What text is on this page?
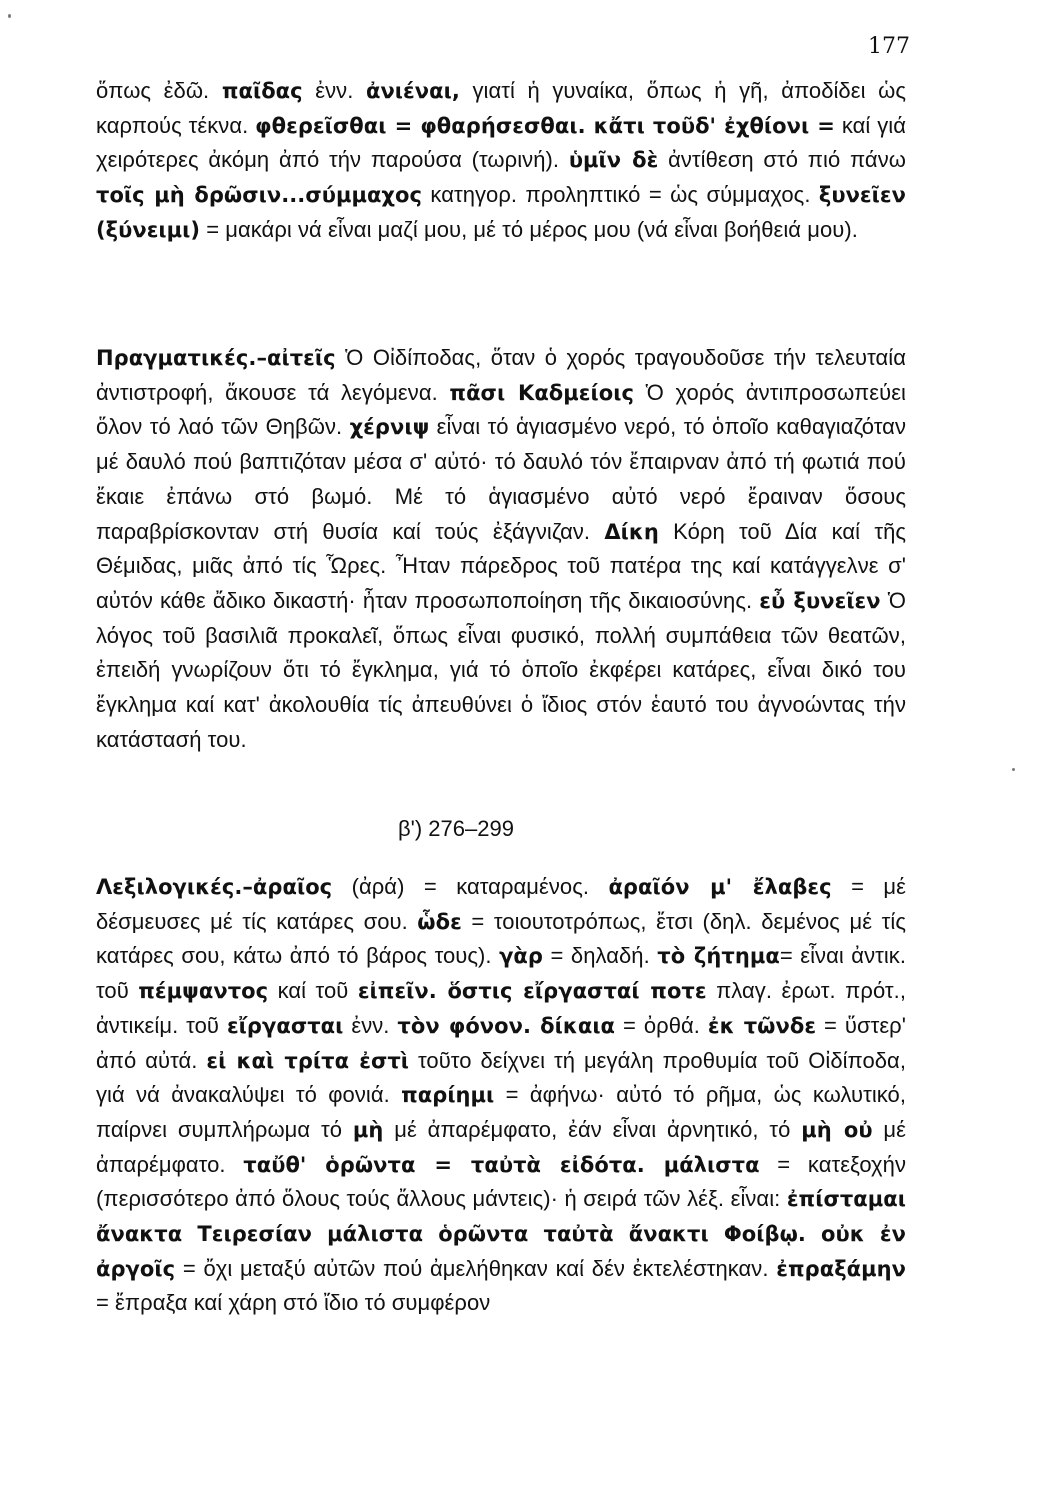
177

ὅπως ἐδῶ. παῖδας ἐνν. ἀνιέναι, γιατί ἡ γυναίκα, ὅπως ἡ γῆ, ἀποδίδει ὡς καρπούς τέκνα. φθερεῖσθαι = φθαρήσεσθαι. κἄτι τοῦδ' ἐχθίονι = καί γιά χειρότερες ἀκόμη ἀπό τήν παρούσα (τωρινή). ὑμῖν δὲ ἀντίθεση στό πιό πάνω τοῖς μὴ δρῶσιν...σύμμαχος κατηγορ. προληπτικό = ὡς σύμμαχος. ξυνεῖεν (ξύνειμι) = μακάρι νά εἶναι μαζί μου, μέ τό μέρος μου (νά εἶναι βοήθειά μου).

Πραγματικές.–αἰτεῖς Ὁ Οἰδίποδας, ὅταν ὁ χορός τραγουδοῦσε τήν τελευταία ἀντιστροφή, ἄκουσε τά λεγόμενα. πᾶσι Καδμείοις Ὁ χορός ἀντιπροσωπεύει ὅλον τό λαό τῶν Θηβῶν. χέρνιψ εἶναι τό ἁγιασμένο νερό, τό ὁποῖο καθαγιαζόταν μέ δαυλό πού βαπτιζόταν μέσα σ' αὐτό· τό δαυλό τόν ἔπαιρναν ἀπό τή φωτιά πού ἔκαιε ἐπάνω στό βωμό. Μέ τό ἁγιασμένο αὐτό νερό ἔραιναν ὅσους παραβρίσκονταν στή θυσία καί τούς ἐξάγνιζαν. Δίκη Κόρη τοῦ Δία καί τῆς Θέμιδας, μιᾶς ἀπό τίς Ὧρες. Ἦταν πάρεδρος τοῦ πατέρα της καί κατάγγελνε σ' αὐτόν κάθε ἄδικο δικαστή· ἦταν προσωποποίηση τῆς δικαιοσύνης. εὖ ξυνεῖεν Ὁ λόγος τοῦ βασιλιᾶ προκαλεῖ, ὅπως εἶναι φυσικό, πολλή συμπάθεια τῶν θεατῶν, ἐπειδή γνωρίζουν ὅτι τό ἔγκλημα, γιά τό ὁποῖο ἐκφέρει κατάρες, εἶναι δικό του ἔγκλημα καί κατ' ἀκολουθία τίς ἀπευθύνει ὁ ἴδιος στόν ἑαυτό του ἀγνοώντας τήν κατάστασή του.

β') 276–299

Λεξιλογικές.–ἀραῖος (ἀρά) = καταραμένος. ἀραῖόν μ' ἔλαβες = μέ δέσμευσες μέ τίς κατάρες σου. ὧδε = τοιουτοτρόπως, ἔτσι (δηλ. δεμένος μέ τίς κατάρες σου, κάτω ἀπό τό βάρος τους). γὰρ = δηλαδή. τὸ ζήτημα= εἶναι ἀντικ. τοῦ πέμψαντος καί τοῦ εἰπεῖν. ὅστις εἴργασταί ποτε πλαγ. ἐρωτ. πρότ., ἀντικείμ. τοῦ εἴργασται ἐνν. τὸν φόνον. δίκαια = ὀρθά. ἐκ τῶνδε = ὕστερ' ἀπό αὐτά. εἰ καὶ τρίτα ἐστὶ τοῦτο δείχνει τή μεγάλη προθυμία τοῦ Οἰδίποδα, γιά νά ἀνακαλύψει τό φονιά. παρίημι = ἀφήνω· αὐτό τό ρῆμα, ὡς κωλυτικό, παίρνει συμπλήρωμα τό μὴ μέ ἀπαρέμφατο, ἐάν εἶναι ἀρνητικό, τό μὴ οὐ μέ ἀπαρέμφατο. ταὔθ' ὁρῶντα = ταὐτὰ εἰδότα. μάλιστα = κατεξοχήν (περισσότερο ἀπό ὅλους τούς ἄλλους μάντεις)· ἡ σειρά τῶν λέξ. εἶναι: ἐπίσταμαι ἄνακτα Τειρεσίαν μάλιστα ὁρῶντα ταὐτὰ ἄνακτι Φοίβῳ. οὐκ ἐν ἀργοῖς = ὄχι μεταξύ αὐτῶν πού ἀμελήθηκαν καί δέν ἐκτελέστηκαν. ἐπραξάμην = ἔπραξα καί χάρη στό ἴδιο τό συμφέρον
